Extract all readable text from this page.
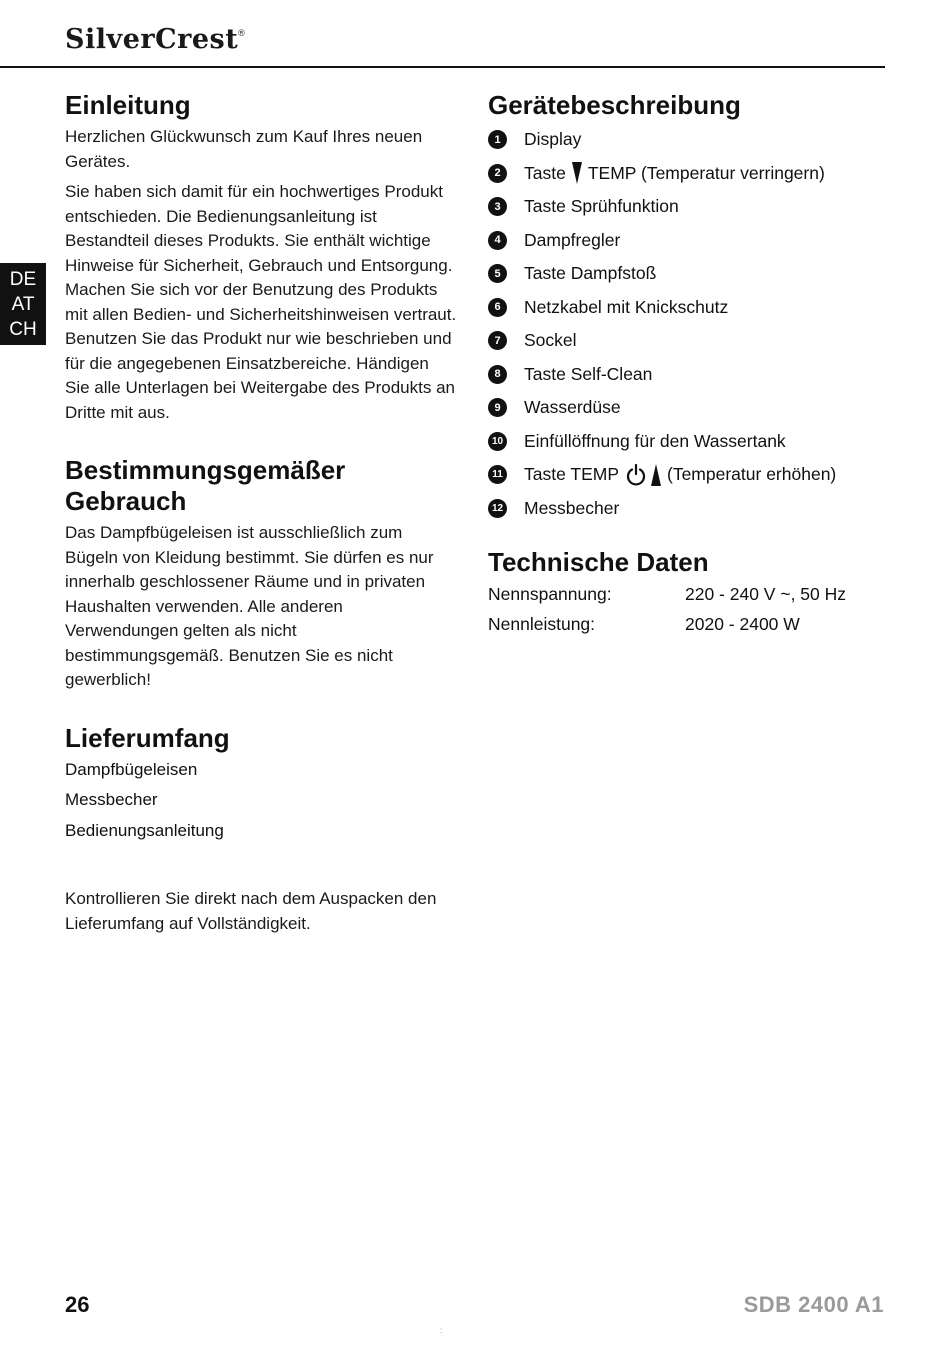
SilverCrest®
DE
AT
CH
Einleitung

Herzlichen Glückwunsch zum Kauf Ihres neuen Gerätes.

Sie haben sich damit für ein hochwertiges Produkt entschieden. Die Bedienungsanleitung ist Bestandteil dieses Produkts. Sie enthält wichtige Hinweise für Sicherheit, Gebrauch und Entsorgung. Machen Sie sich vor der Benutzung des Produkts mit allen Bedien- und Sicherheitshinweisen vertraut. Benutzen Sie das Produkt nur wie beschrieben und für die angegebenen Einsatzbereiche. Händigen Sie alle Unterlagen bei Weitergabe des Produkts an Dritte mit aus.

Bestimmungsgemäßer Gebrauch

Das Dampfbügeleisen ist ausschließlich zum Bügeln von Kleidung bestimmt. Sie dürfen es nur innerhalb geschlossener Räume und in privaten Haushalten verwenden. Alle anderen Verwendungen gelten als nicht bestimmungsgemäß. Benutzen Sie es nicht gewerblich!

Lieferumfang
Dampfbügeleisen
Messbecher
Bedienungsanleitung

Kontrollieren Sie direkt nach dem Auspacken den Lieferumfang auf Vollständigkeit.

Gerätebeschreibung
1	Display
2	Taste TEMP (Temperatur verringern)
3	Taste Sprühfunktion
4	Dampfregler
5	Taste Dampfstoß
6	Netzkabel mit Knickschutz
7	Sockel
8	Taste Self-Clean
9	Wasserdüse
10 Einfüllöffnung für den Wassertank
11 Taste TEMP	(Temperatur erhöhen)
12 Messbecher
Technische Daten
Nennspannung:	220 - 240 V ~, 50 Hz
Nennleistung:	2020 - 2400 W
26	SDB 2400 A1
:
